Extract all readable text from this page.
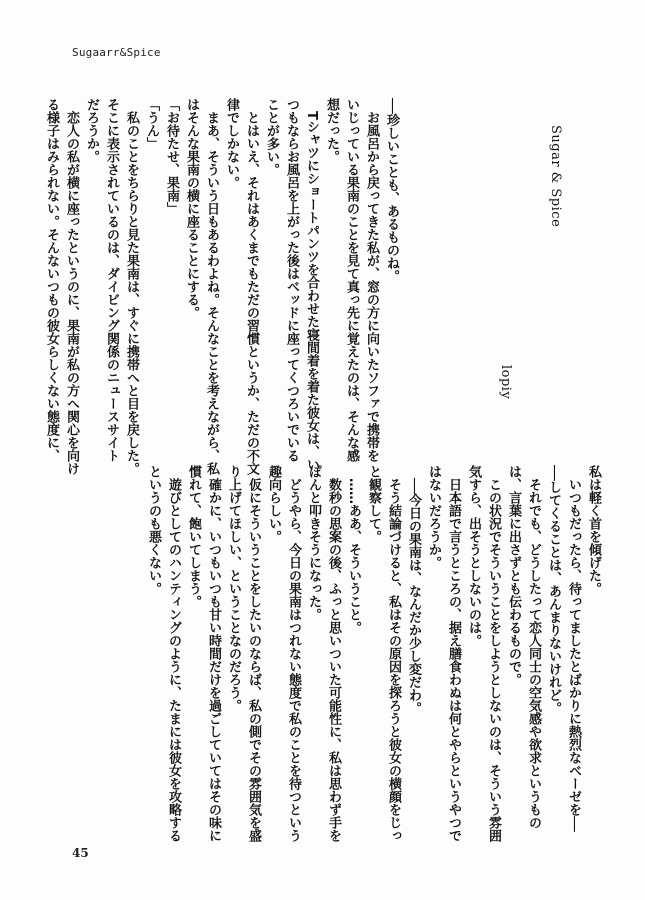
Sugaarr&Spice
Sugar & Spice
lopiy
──珍しいことも、あるものね。
　お風呂から戻ってきた私が、窓の方に向いたソファで携帯を
いじっている果南のことを見て真っ先に覚えたのは、そんな感
想だった。
　Tシャツにショートパンツを合わせた寝間着を着た彼女は、い
つもならお風呂を上がった後はベッドに座ってくつろいでいる
ことが多い。
　とはいえ、それはあくまでもただの習慣というか、ただの不文
律でしかない。
　まあ、そういう日もあるわよね。そんなことを考えながら、私
はそんな果南の横に座ることにする。
「お待たせ、果南」
「うん」
　私のことをちらりと見た果南は、すぐに携帯へと目を戻した。
そこに表示されているのは、ダイビング関係のニュースサイト
だろうか。
　恋人の私が横に座ったというのに、果南が私の方へ関心を向け
る様子はみられない。そんないつもの彼女らしくない態度に、
私は軽く首を傾げた。
　いつもだったら、待ってましたとばかりに熱烈なベーゼを──
──してくることは、あんまりないけれど。
　それでも、どうしたって恋人同士の空気感や欲求というもの
は、言葉に出さずとも伝わるもので。
　この状況でそういうことをしようとしないのは、そういう雰囲
気すら、出そうとしないのは。
　日本語で言うところの、据え膳食わぬは何とやらというやつで
はないだろうか。
　──今日の果南は、なんだか少し変だわ。
　そう結論づけると、私はその原因を探ろうと彼女の横顔をじっ
と観察して。
　……ああ、そういうこと。
　数秒の思案の後、ふっと思いついた可能性に、私は思わず手を
ぽんと叩きそうになった。
　どうやら、今日の果南はつれない態度で私のことを待つという
趣向らしい。
　仮にそういうことをしたいのならば、私の側でその雰囲気を盛
り上げてほしい、ということなのだろう。
　確かに、いつもいつも甘い時間だけを過ごしていてはその味に
慣れて、飽いてしまう。
　遊びとしてのハンティングのように、たまには彼女を攻略する
というのも悪くない。
45
